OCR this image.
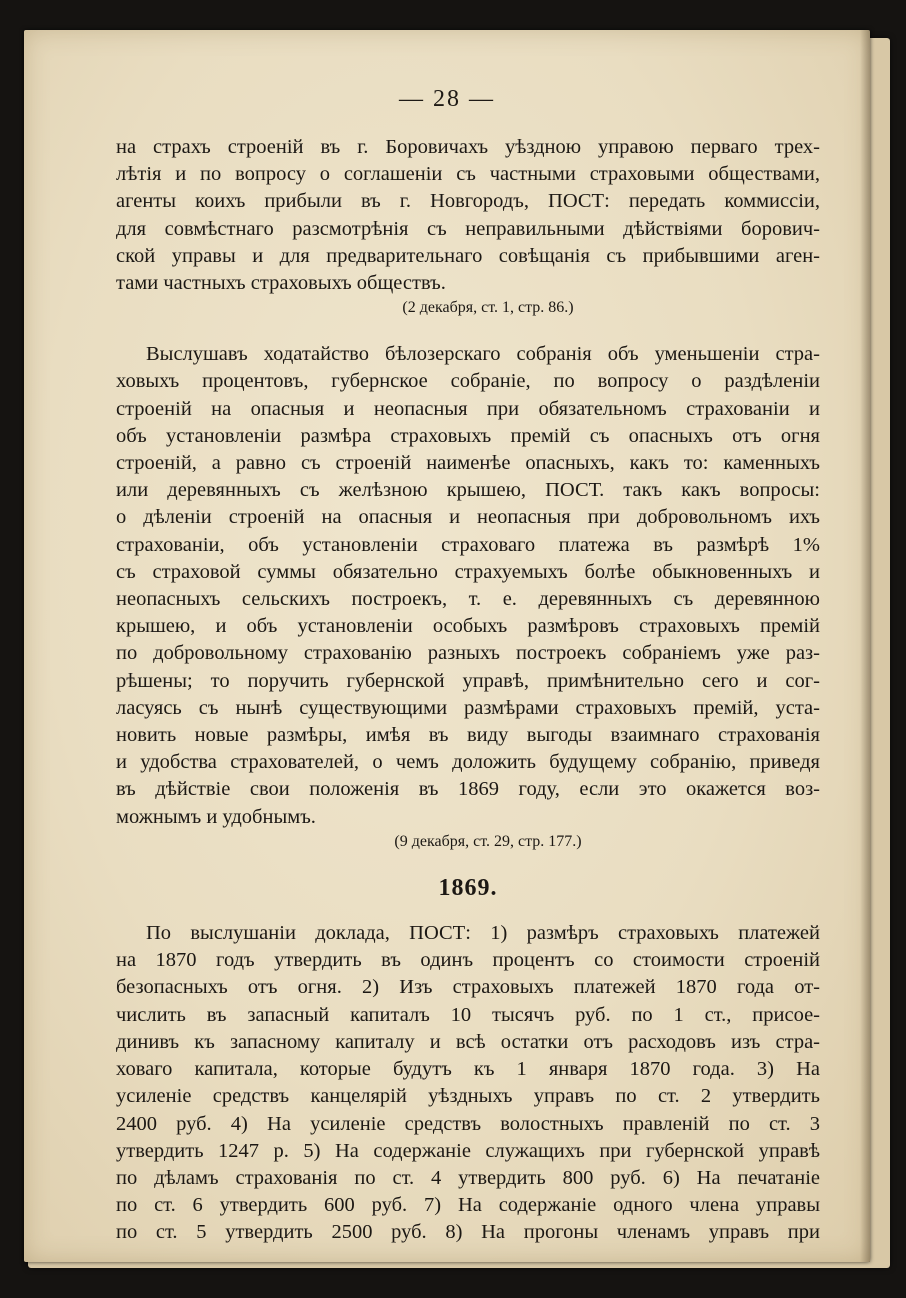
— 28 —
на страхъ строеній въ г. Боровичахъ уѣздною управою перваго трех-
лѣтія и по вопросу о соглашеніи съ частными страховыми обществами,
агенты коихъ прибыли въ г. Новгородъ, ПОСТ: передать коммиссіи,
для совмѣстнаго разсмотрѣнія съ неправильными дѣйствіями борович-
ской управы и для предварительнаго совѣщанія съ прибывшими аген-
тами частныхъ страховыхъ обществъ.
(2 декабря, ст. 1, стр. 86.)
Выслушавъ ходатайство бѣлозерскаго собранія объ уменьшеніи стра-
ховыхъ процентовъ, губернское собраніе, по вопросу о раздѣленіи
строеній на опасныя и неопасныя при обязательномъ страхованіи и
объ установленіи размѣра страховыхъ премій съ опасныхъ отъ огня
строеній, а равно съ строеній наименѣе опасныхъ, какъ то: каменныхъ
или деревянныхъ съ желѣзною крышею, ПОСТ. такъ какъ вопросы:
о дѣленіи строеній на опасныя и неопасныя при добровольномъ ихъ
страхованіи, объ установленіи страховаго платежа въ размѣрѣ 1%
съ страховой суммы обязательно страхуемыхъ болѣе обыкновенныхъ и
неопасныхъ сельскихъ построекъ, т. е. деревянныхъ съ деревянною
крышею, и объ установленіи особыхъ размѣровъ страховыхъ премій
по добровольному страхованію разныхъ построекъ собраніемъ уже раз-
рѣшены; то поручить губернской управѣ, примѣнительно сего и сог-
ласуясь съ нынѣ существующими размѣрами страховыхъ премій, уста-
новить новые размѣры, имѣя въ виду выгоды взаимнаго страхованія
и удобства страхователей, о чемъ доложить будущему собранію, приведя
въ дѣйствіе свои положенія въ 1869 году, если это окажется воз-
можнымъ и удобнымъ.
(9 декабря, ст. 29, стр. 177.)
1869.
По выслушаніи доклада, ПОСТ: 1) размѣръ страховыхъ платежей
на 1870 годъ утвердить въ одинъ процентъ со стоимости строеній
безопасныхъ отъ огня. 2) Изъ страховыхъ платежей 1870 года от-
числить въ запасный капиталъ 10 тысячъ руб. по 1 ст., присое-
динивъ къ запасному капиталу и всѣ остатки отъ расходовъ изъ стра-
ховаго капитала, которые будутъ къ 1 января 1870 года. 3) На
усиленіе средствъ канцелярій уѣздныхъ управъ по ст. 2 утвердить
2400 руб. 4) На усиленіе средствъ волостныхъ правленій по ст. 3
утвердить 1247 р. 5) На содержаніе служащихъ при губернской управѣ
по дѣламъ страхованія по ст. 4 утвердить 800 руб. 6) На печатаніе
по ст. 6 утвердить 600 руб. 7) На содержаніе одного члена управы
по ст. 5 утвердить 2500 руб. 8) На прогоны членамъ управъ при
